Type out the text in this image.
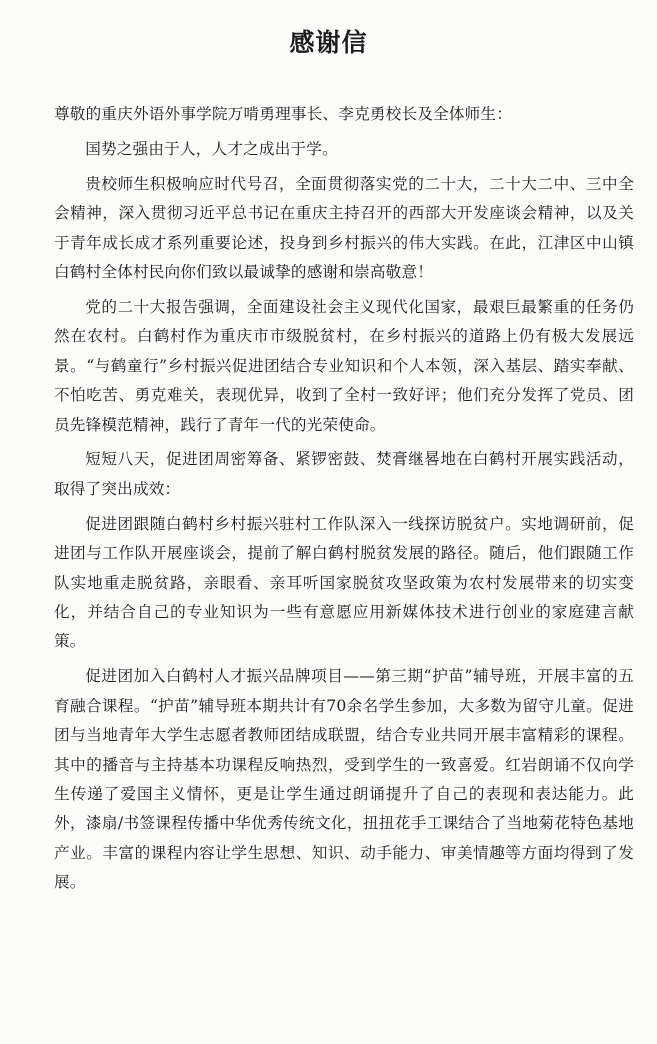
感谢信

尊敬的重庆外语外事学院万啃勇理事长、李克勇校长及全体师生：

国势之强由于人，人才之成出于学。

贵校师生积极响应时代号召，全面贯彻落实党的二十大，二十大二中、三中全会精神，深入贯彻习近平总书记在重庆主持召开的西部大开发座谈会精神，以及关于青年成长成才系列重要论述，投身到乡村振兴的伟大实践。在此，江津区中山镇白鹤村全体村民向你们致以最诚挚的感谢和崇高敬意！

党的二十大报告强调，全面建设社会主义现代化国家，最艰巨最繁重的任务仍然在农村。白鹤村作为重庆市市级脱贫村，在乡村振兴的道路上仍有极大发展远景。“与鹤童行”乡村振兴促进团结合专业知识和个人本领，深入基层、踏实奉献、不怕吃苦、勇克难关，表现优异，收到了全村一致好评；他们充分发挥了党员、团员先锋模范精神，践行了青年一代的光荣使命。

短短八天，促进团周密筹备、紧锣密鼓、焚膏继晷地在白鹤村开展实践活动，取得了突出成效：

促进团跟随白鹤村乡村振兴驻村工作队深入一线探访脱贫户。实地调研前，促进团与工作队开展座谈会，提前了解白鹤村脱贫发展的路径。随后，他们跟随工作队实地重走脱贫路，亲眼看、亲耳听国家脱贫攻坚政策为农村发展带来的切实变化，并结合自己的专业知识为一些有意愿应用新媒体技术进行创业的家庭建言献策。

促进团加入白鹤村人才振兴品牌项目——第三期“护苗”辅导班，开展丰富的五育融合课程。“护苗”辅导班本期共计有70余名学生参加，大多数为留守儿童。促进团与当地青年大学生志愿者教师团结成联盟，结合专业共同开展丰富精彩的课程。其中的播音与主持基本功课程反响热烈，受到学生的一致喜爱。红岩朗诵不仅向学生传递了爱国主义情怀，更是让学生通过朗诵提升了自己的表现和表达能力。此外，漆扇/书签课程传播中华优秀传统文化，扭扭花手工课结合了当地菊花特色基地产业。丰富的课程内容让学生思想、知识、动手能力、审美情趣等方面均得到了发展。
